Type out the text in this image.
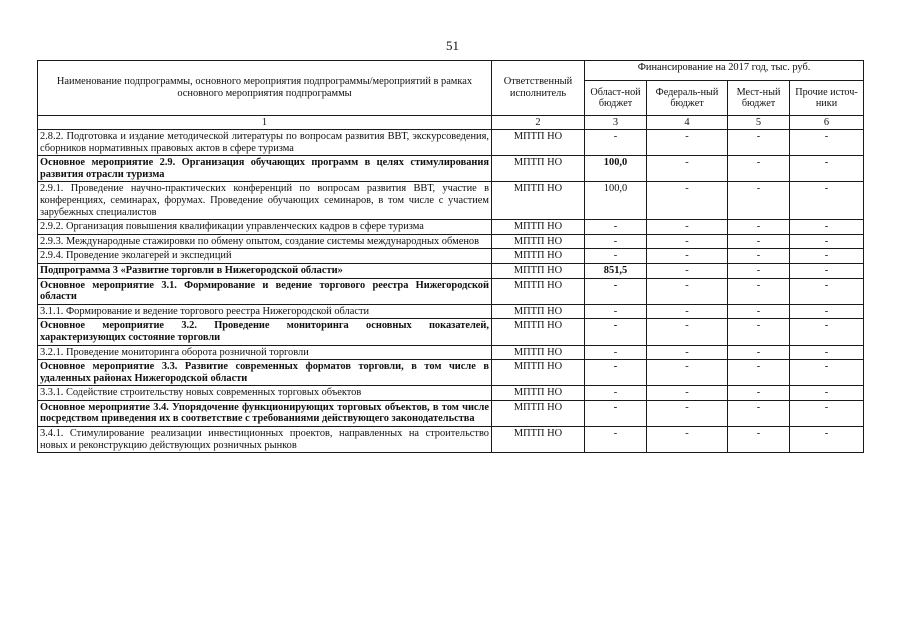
51
Наименование подпрограммы, основного мероприятия подпрограммы/мероприятий в рамках основного мероприятия подпрограммы	Ответственный исполнитель	Финансирование на 2017 год, тыс. руб.			
		Област-ной бюджет	Федераль-ный бюджет	Мест-ный бюджет	Прочие источ-ники
1	2	3	4	5	6
2.8.2. Подготовка и издание методической литературы по вопросам развития ВВТ, экскурсоведения, сборников нормативных правовых актов в сфере туризма	МПТП НО	-	-	-	-
Основное мероприятие 2.9. Организация обучающих программ в целях стимулирования развития отрасли туризма	МПТП НО	100,0	-	-	-
2.9.1. Проведение научно-практических конференций по вопросам развития ВВТ, участие в конференциях, семинарах, форумах. Проведение обучающих семинаров, в том числе с участием зарубежных специалистов	МПТП НО	100,0	-	-	-
2.9.2. Организация повышения квалификации управленческих кадров в сфере туризма	МПТП НО	-	-	-	-
2.9.3. Международные стажировки по обмену опытом, создание системы международных обменов	МПТП НО	-	-	-	-
2.9.4. Проведение эколагерей и экспедиций	МПТП НО	-	-	-	-
Подпрограмма 3 «Развитие торговли в Нижегородской области»	МПТП НО	851,5	-	-	-
Основное мероприятие 3.1. Формирование и ведение торгового реестра Нижегородской области	МПТП НО	-	-	-	-
3.1.1. Формирование и ведение торгового реестра Нижегородской области	МПТП НО	-	-	-	-
Основное мероприятие 3.2. Проведение мониторинга основных показателей, характеризующих состояние торговли	МПТП НО	-	-	-	-
3.2.1. Проведение мониторинга оборота розничной торговли	МПТП НО	-	-	-	-
Основное мероприятие 3.3. Развитие современных форматов торговли, в том числе в удаленных районах Нижегородской области	МПТП НО	-	-	-	-
3.3.1. Содействие строительству новых современных торговых объектов	МПТП НО	-	-	-	-
Основное мероприятие 3.4. Упорядочение функционирующих торговых объектов, в том числе посредством приведения их в соответствие с требованиями действующего законодательства	МПТП НО	-	-	-	-
3.4.1. Стимулирование реализации инвестиционных проектов, направленных на строительство новых и реконструкцию действующих розничных рынков	МПТП НО	-	-	-	-
